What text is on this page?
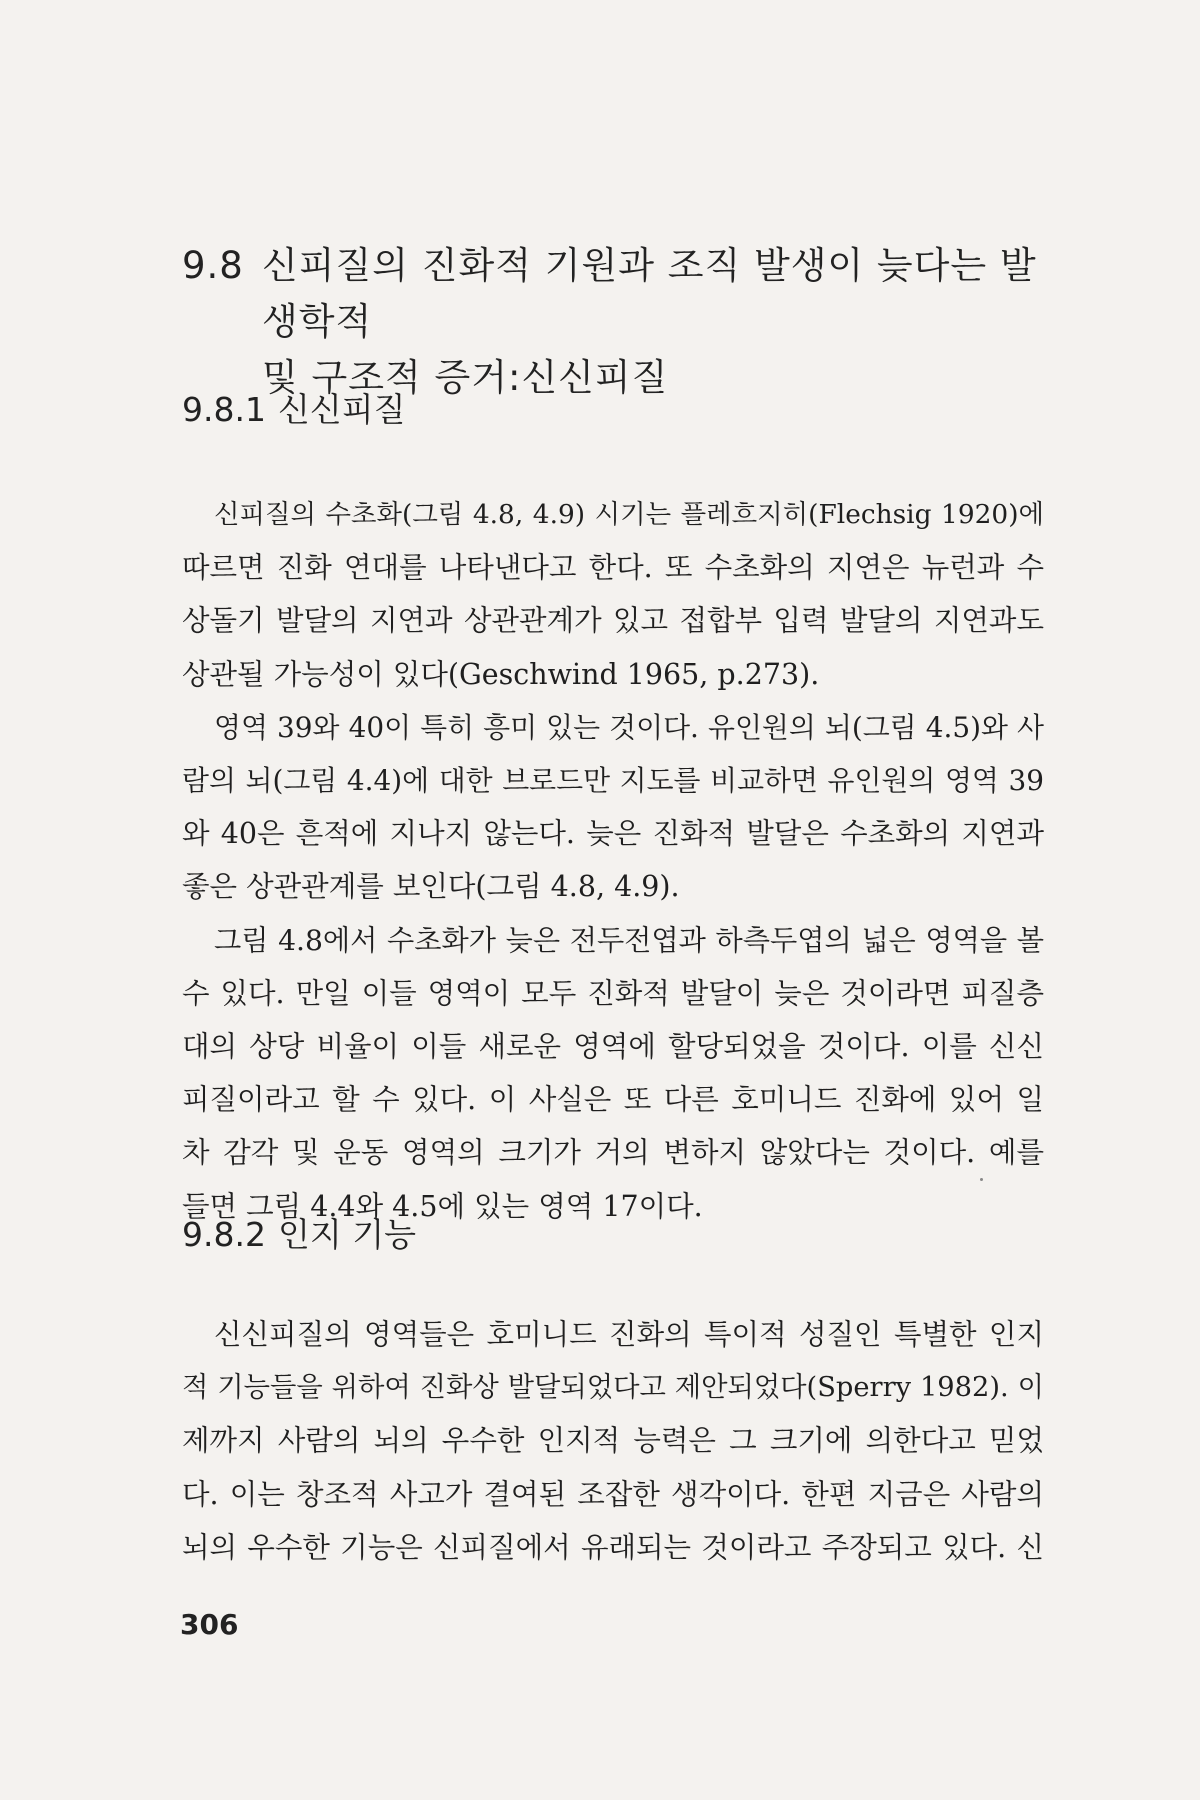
9.8 신피질의 진화적 기원과 조직 발생이 늦다는 발생학적
및 구조적 증거:신신피질
9.8.1 신신피질
신피질의 수초화(그림 4.8, 4.9) 시기는 플레흐지히(Flechsig 1920)에
따르면 진화 연대를 나타낸다고 한다. 또 수초화의 지연은 뉴런과 수
상돌기 발달의 지연과 상관관계가 있고 접합부 입력 발달의 지연과도
상관될 가능성이 있다(Geschwind 1965, p.273).
영역 39와 40이 특히 흥미 있는 것이다. 유인원의 뇌(그림 4.5)와 사
람의 뇌(그림 4.4)에 대한 브로드만 지도를 비교하면 유인원의 영역 39
와 40은 흔적에 지나지 않는다. 늦은 진화적 발달은 수초화의 지연과
좋은 상관관계를 보인다(그림 4.8, 4.9).
그림 4.8에서 수초화가 늦은 전두전엽과 하측두엽의 넓은 영역을 볼
수 있다. 만일 이들 영역이 모두 진화적 발달이 늦은 것이라면 피질층
대의 상당 비율이 이들 새로운 영역에 할당되었을 것이다. 이를 신신
피질이라고 할 수 있다. 이 사실은 또 다른 호미니드 진화에 있어 일
차 감각 및 운동 영역의 크기가 거의 변하지 않았다는 것이다. 예를
들면 그림 4.4와 4.5에 있는 영역 17이다.
9.8.2 인지 기능
신신피질의 영역들은 호미니드 진화의 특이적 성질인 특별한 인지
적 기능들을 위하여 진화상 발달되었다고 제안되었다(Sperry 1982). 이
제까지 사람의 뇌의 우수한 인지적 능력은 그 크기에 의한다고 믿었
다. 이는 창조적 사고가 결여된 조잡한 생각이다. 한편 지금은 사람의
뇌의 우수한 기능은 신피질에서 유래되는 것이라고 주장되고 있다. 신
306
